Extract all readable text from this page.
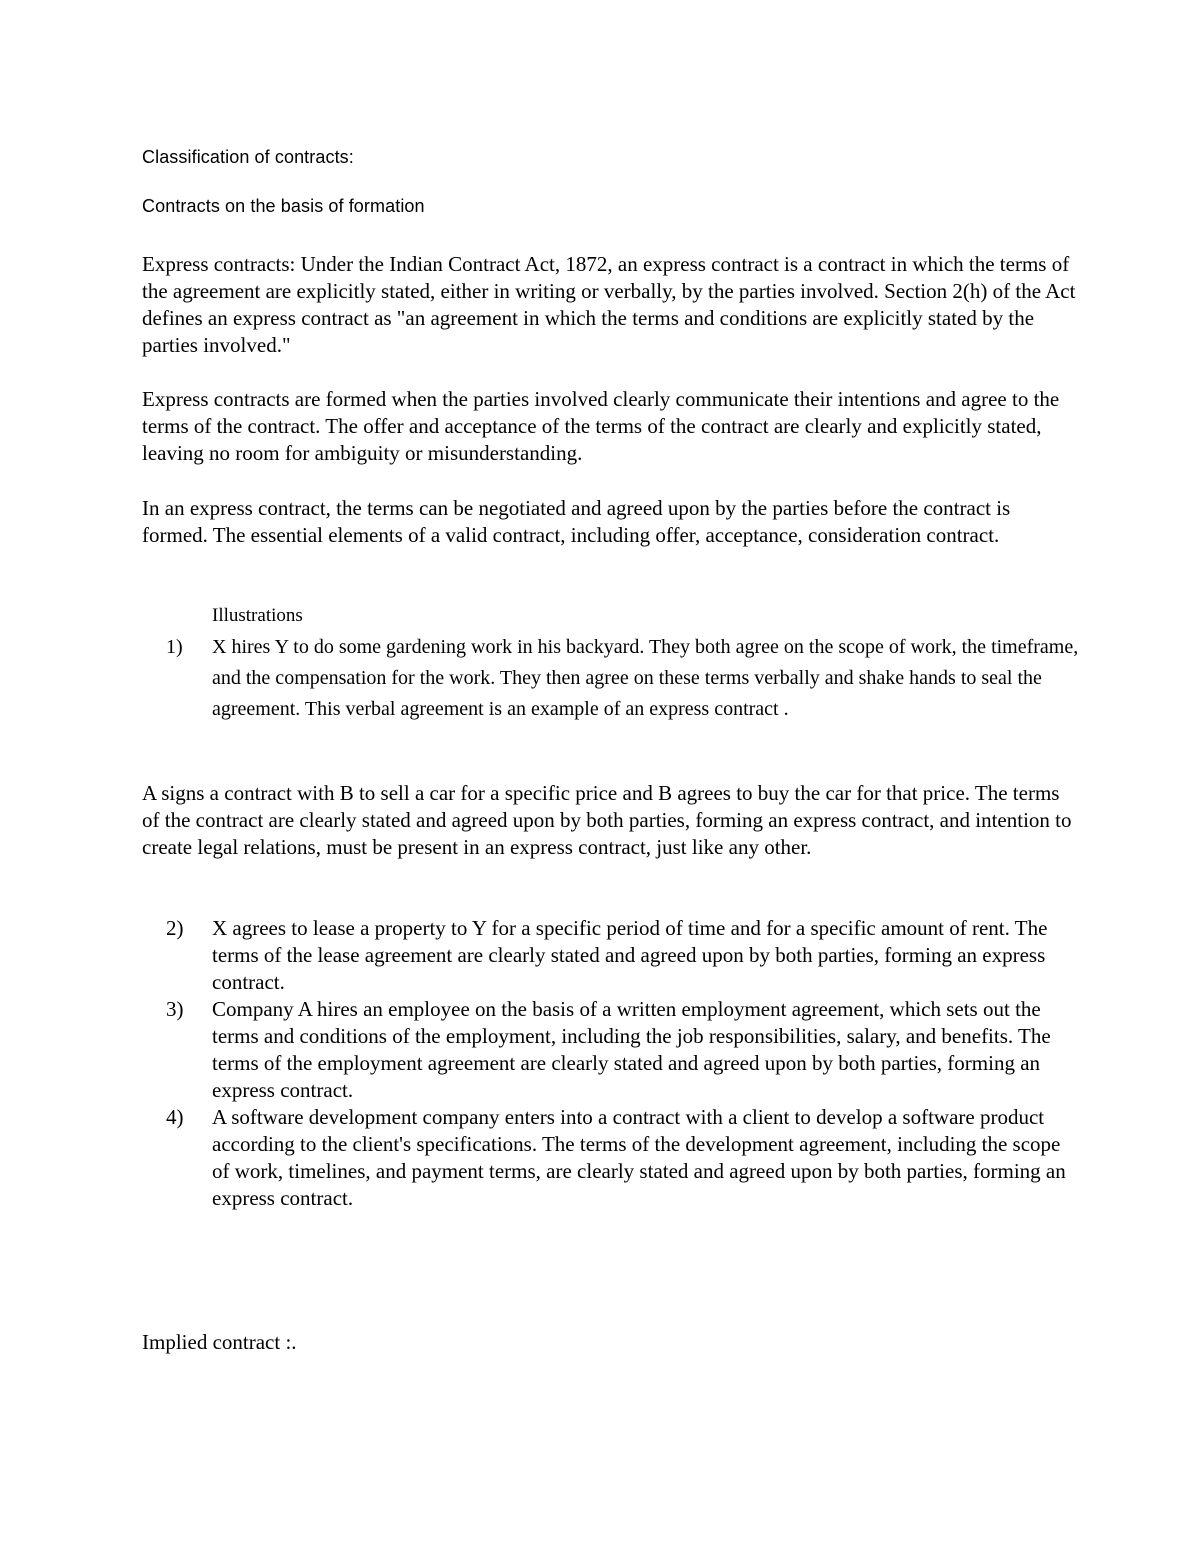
Classification of contracts:
Contracts on the basis of formation

Express contracts: Under the Indian Contract Act, 1872, an express contract is a contract in which the terms of the agreement are explicitly stated, either in writing or verbally, by the parties involved. Section 2(h) of the Act defines an express contract as "an agreement in which the terms and conditions are explicitly stated by the parties involved."

Express contracts are formed when the parties involved clearly communicate their intentions and agree to the terms of the contract. The offer and acceptance of the terms of the contract are clearly and explicitly stated, leaving no room for ambiguity or misunderstanding.

In an express contract, the terms can be negotiated and agreed upon by the parties before the contract is formed. The essential elements of a valid contract, including offer, acceptance, consideration contract.

Illustrations

1) X hires Y to do some gardening work in his backyard. They both agree on the scope of work, the timeframe, and the compensation for the work. They then agree on these terms verbally and shake hands to seal the agreement. This verbal agreement is an example of an express contract .

A signs a contract with B to sell a car for a specific price and B agrees to buy the car for that price. The terms of the contract are clearly stated and agreed upon by both parties, forming an express contract, and intention to create legal relations, must be present in an express contract, just like any other.

2) X agrees to lease a property to Y for a specific period of time and for a specific amount of rent. The terms of the lease agreement are clearly stated and agreed upon by both parties, forming an express contract.
3) Company A hires an employee on the basis of a written employment agreement, which sets out the terms and conditions of the employment, including the job responsibilities, salary, and benefits. The terms of the employment agreement are clearly stated and agreed upon by both parties, forming an express contract.
4) A software development company enters into a contract with a client to develop a software product according to the client's specifications. The terms of the development agreement, including the scope of work, timelines, and payment terms, are clearly stated and agreed upon by both parties, forming an express contract.

Implied contract :.
